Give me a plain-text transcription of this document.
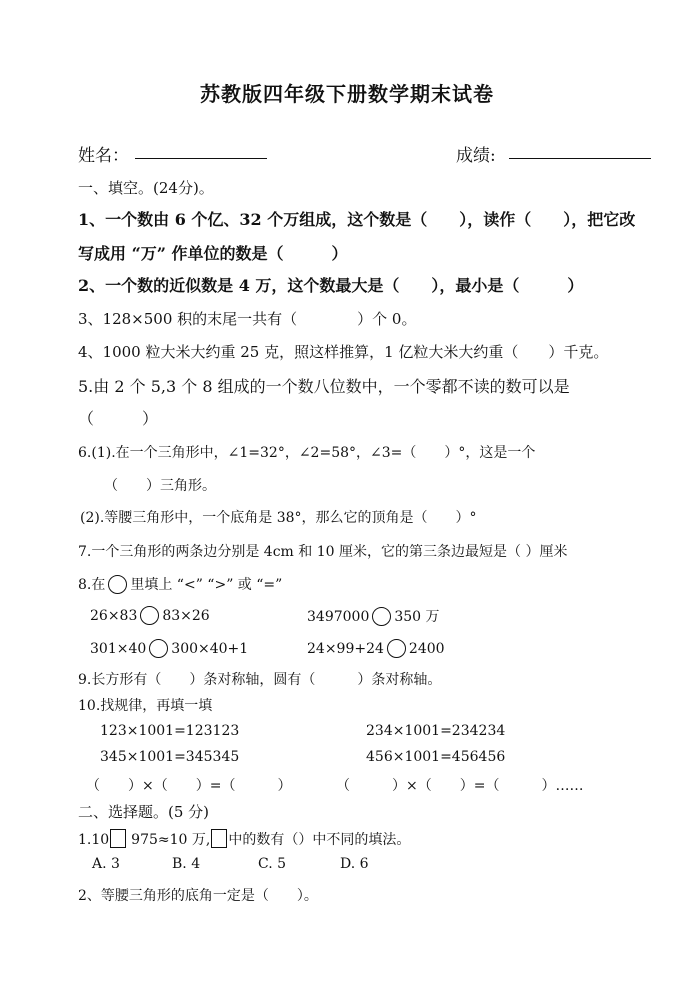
苏教版四年级下册数学期末试卷
姓名：	成绩:
一、填空。(24分)。
1、一个数由 6 个亿、32 个万组成，这个数是（　　），读作（　　），把它改
写成用 “万” 作单位的数是（　　　）
2、一个数的近似数是 4 万，这个数最大是（　　），最小是（　　　）
3、128×500 积的末尾一共有（　　　　）个 0。
4、1000 粒大米大约重 25 克，照这样推算，1 亿粒大米大约重（　　）千克。
5.由 2 个 5,3 个 8 组成的一个数八位数中，一个零都不读的数可以是
（　　　）
6.(1).在一个三角形中，∠1=32°，∠2=58°，∠3=（　　）°，这是一个
（　　）三角形。
(2).等腰三角形中，一个底角是 38°，那么它的顶角是（　　）°
7.一个三角形的两条边分别是 4cm 和 10 厘米，它的第三条边最短是（ ）厘米
8.在 里填上 “<” “>” 或 “=”
26×83 83×26	3497000 350 万
301×40 300×40+1	24×99+24 2400
9.长方形有（　　）条对称轴，圆有（　　　）条对称轴。
10.找规律，再填一填
123×1001=123123	234×1001=234234
345×1001=345345	456×1001=456456
（　　）×（　　）=（　　　）	（　　　）×（　　）=（　　　）……
二、选择题。(5 分)
1.10 975≈10 万, 中的数有（）中不同的填法。
A. 3	B. 4	C. 5	D. 6
2、等腰三角形的底角一定是（　　）。
